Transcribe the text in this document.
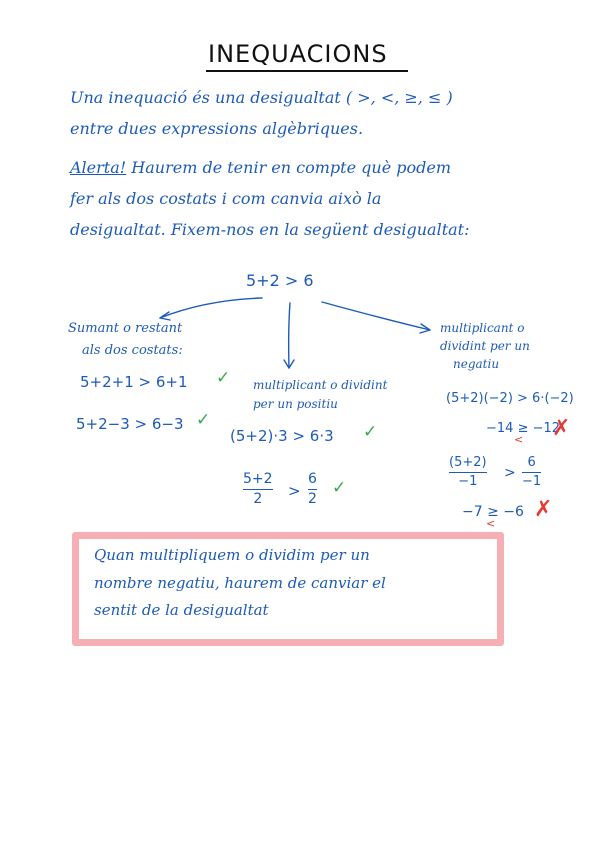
INEQUACIONS
Una inequació és una desigualtat ( >, <, ≥, ≤ )
entre dues expressions algèbriques.
Alerta! Haurem de tenir en compte què podem
fer als dos costats i com canvia això la
desigualtat. Fixem-nos en la següent desigualtat:
5+2 > 6
Sumant o restant
als dos costats:
5+2+1 > 6+1 ✓
5+2−3 > 6−3 ✓
multiplicant o dividint
per un positiu
(5+2)·3 > 6·3 ✓
5+2
2 >
6
2
✓
multiplicant o
dividint per un
negatiu
(5+2)(−2) > 6·(−2)
−14 ≥ −12
< ✗
(5+2)
−1
>
6
−1
−7 ≥ −6
<
✗
Quan multipliquem o dividim per un
nombre negatiu, haurem de canviar el
sentit de la desigualtat
